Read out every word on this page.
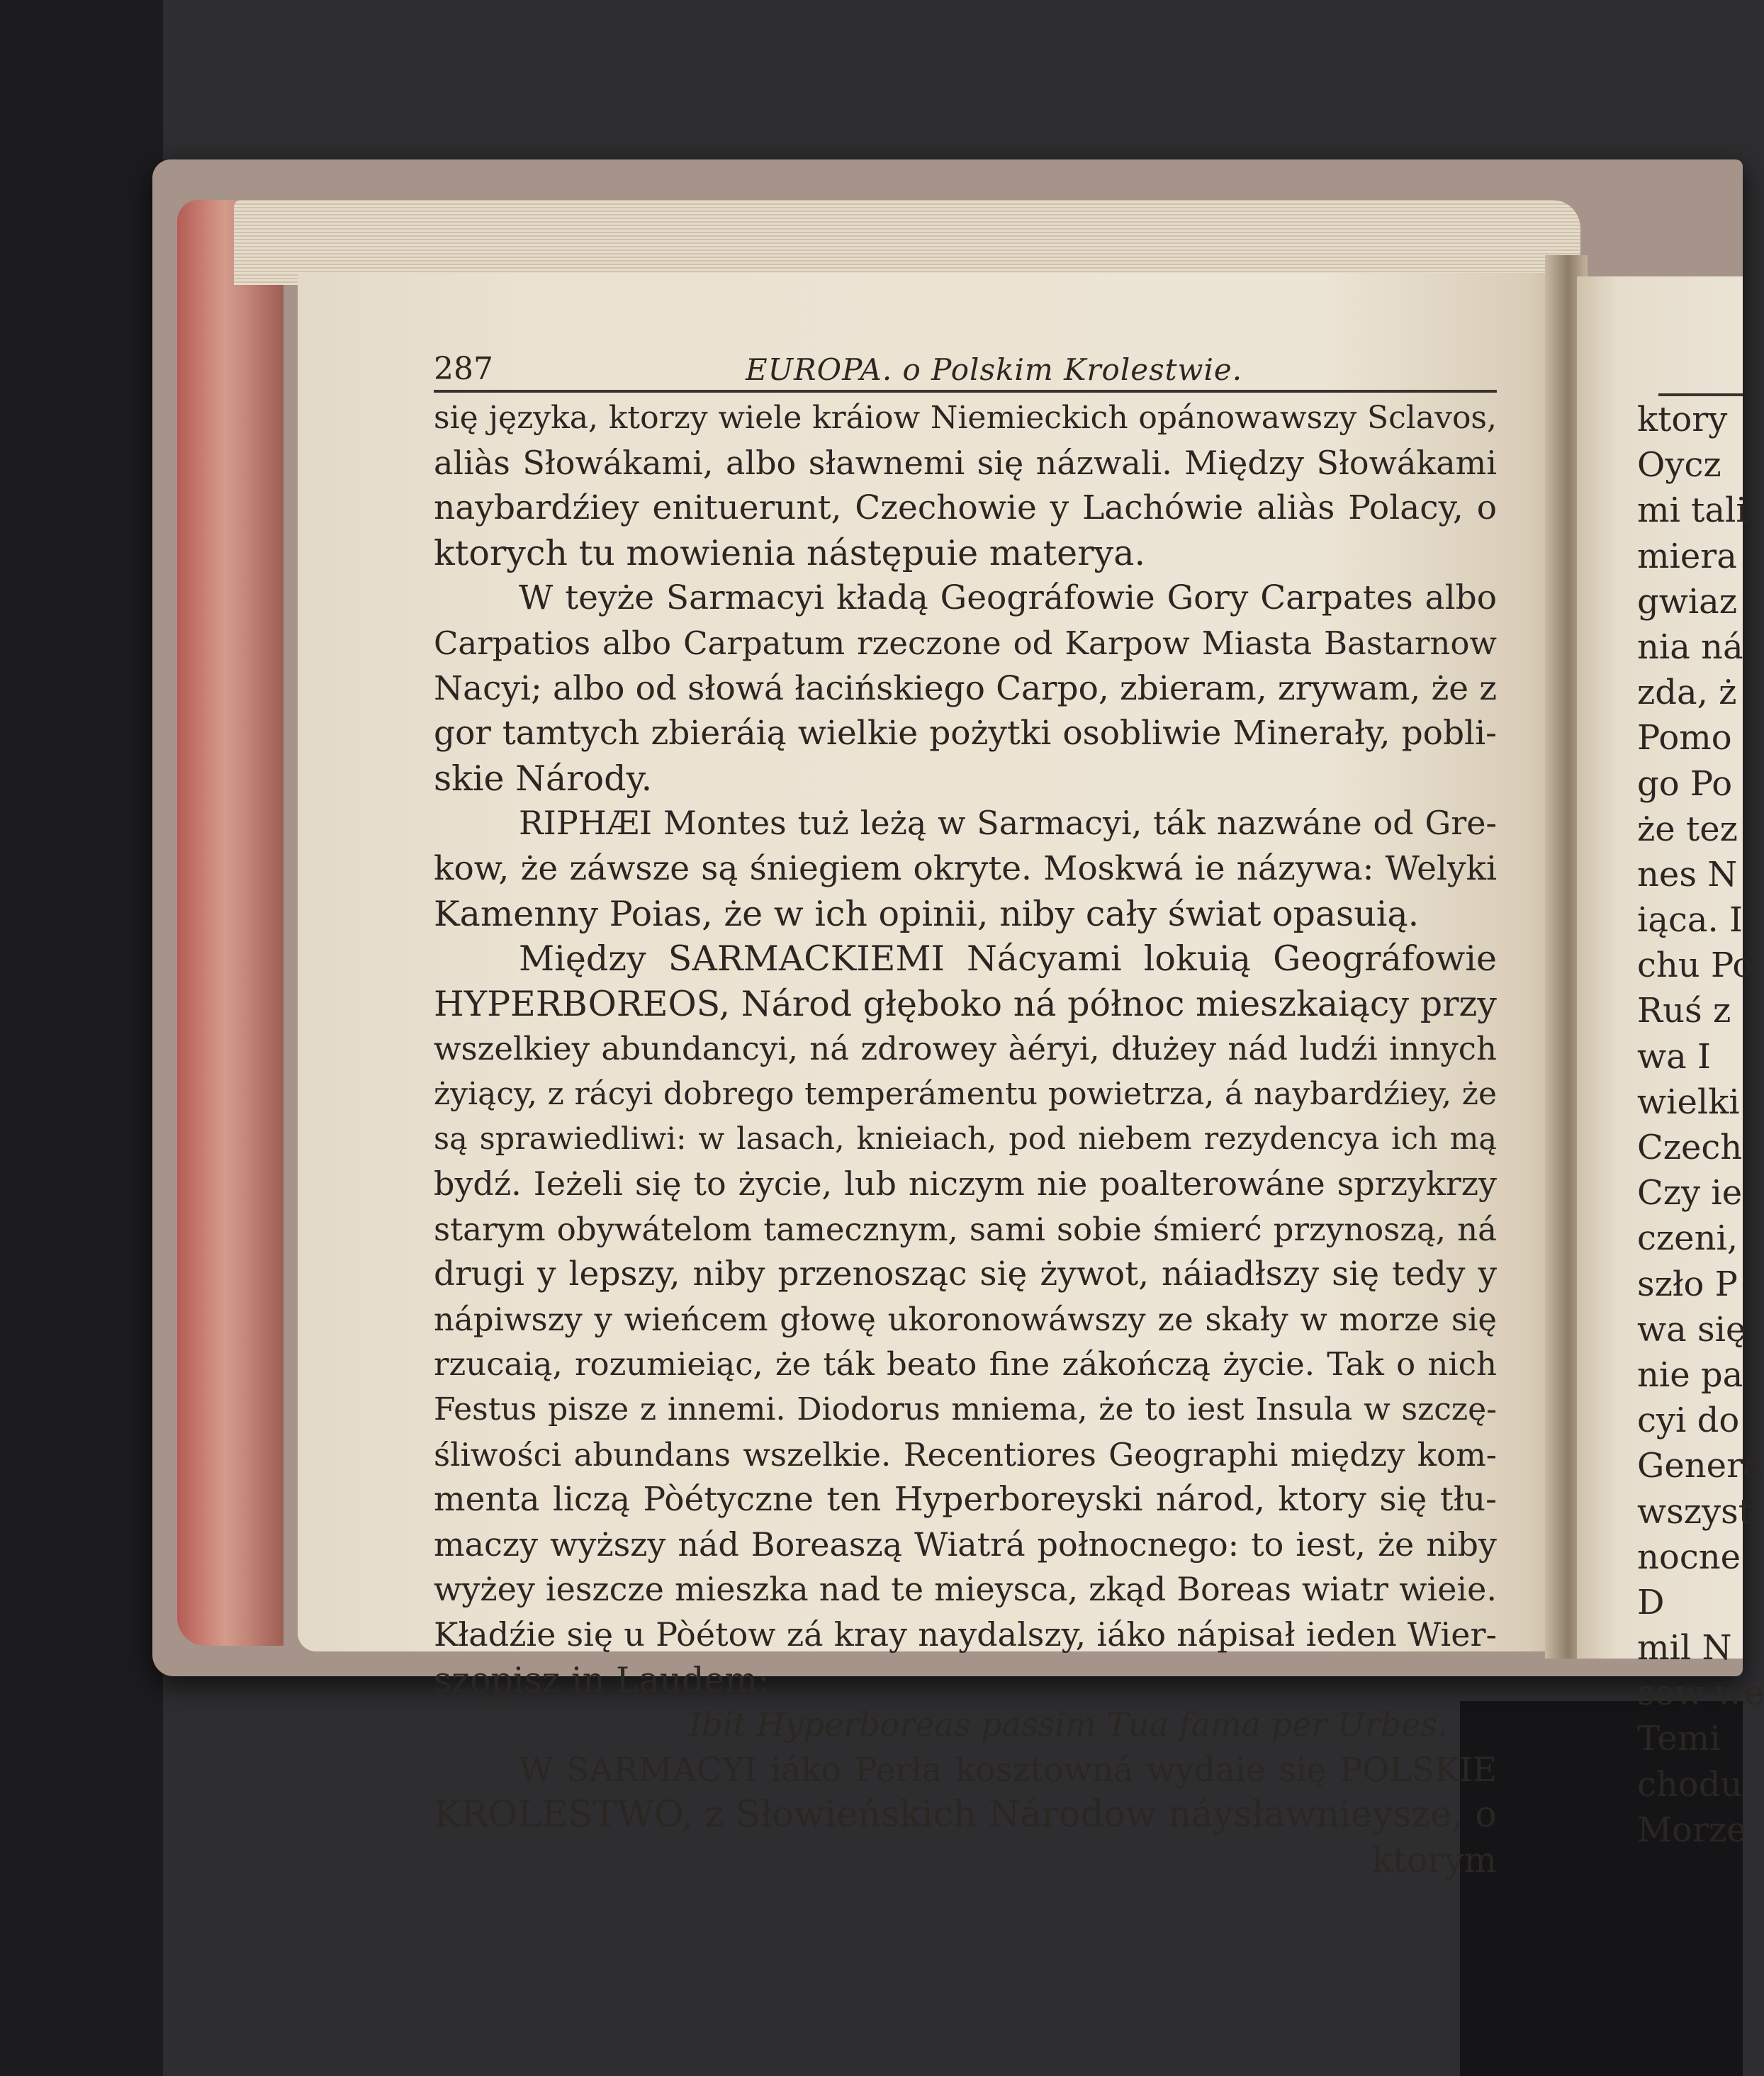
287	EUROPA. o Polskim Krolestwie.
się języka, ktorzy wiele kráiow Niemieckich opánowawszy Sclavos,
aliàs Słowákami, albo sławnemi się názwali. Między Słowákami
naybardźiey enituerunt, Czechowie y Lachówie aliàs Polacy, o
ktorych tu mowienia nástępuie materya.
W teyże Sarmacyi kładą Geográfowie Gory Carpates albo
Carpatios albo Carpatum rzeczone od Karpow Miasta Bastarnow
Nacyi; albo od słowá łacińskiego Carpo, zbieram, zrywam, że z
gor tamtych zbieráią wielkie pożytki osobliwie Minerały, pobli-
skie Národy.
RIPHÆI Montes tuż leżą w Sarmacyi, ták nazwáne od Gre-
kow, że záwsze są śniegiem okryte. Moskwá ie názywa: Welyki
Kamenny Poias, że w ich opinii, niby cały świat opasuią.
Między SARMACKIEMI Nácyami lokuią Geográfowie
HYPERBOREOS, Národ głęboko ná północ mieszkaiący przy
wszelkiey abundancyi, ná zdrowey àéryi, dłużey nád ludźi innych
żyiący, z rácyi dobrego temperámentu powietrza, á naybardźiey, że
są sprawiedliwi: w lasach, knieiach, pod niebem rezydencya ich mą
bydź. Ieżeli się to życie, lub niczym nie poalterowáne sprzykrzy
starym obywátelom tamecznym, sami sobie śmierć przynoszą, ná
drugi y lepszy, niby przenosząc się żywot, náiadłszy się tedy y
nápiwszy y wieńcem głowę ukoronowáwszy ze skały w morze się
rzucaią, rozumieiąc, że ták beato fine zákończą życie. Tak o nich
Festus pisze z innemi. Diodorus mniema, że to iest Insula w szczę-
śliwości abundans wszelkie. Recentiores Geographi między kom-
menta liczą Pòétyczne ten Hyperboreyski národ, ktory się tłu-
maczy wyższy nád Boreaszą Wiatrá połnocnego: to iest, że niby
wyżey ieszcze mieszka nad te mieysca, zkąd Boreas wiatr wieie.
Kładźie się u Pòétow zá kray naydalszy, iáko nápisał ieden Wier-
szopisz in Laudem:
Ibit Hyperboreas passim Tua fama per Urbes.
W SARMACYI iáko Perła kosztowná wydaie się POLSKIE
KROLESTWO, z Słowieńskich Národow náysławnieysze, o
ktorym
ktory
Oycz
mi tali
miera
gwiaz
nia ná
zda, ż
Pomo
go Po
że tez
nes N
iąca. I
chu Po
Ruś z
wa I
wielki
Czech
Czy ie
czeni,
szło P
wa się
nie pa
cyi do
Genera
wszyst
nocne
D
mil N
sow we
Temi
chodu
Morze
